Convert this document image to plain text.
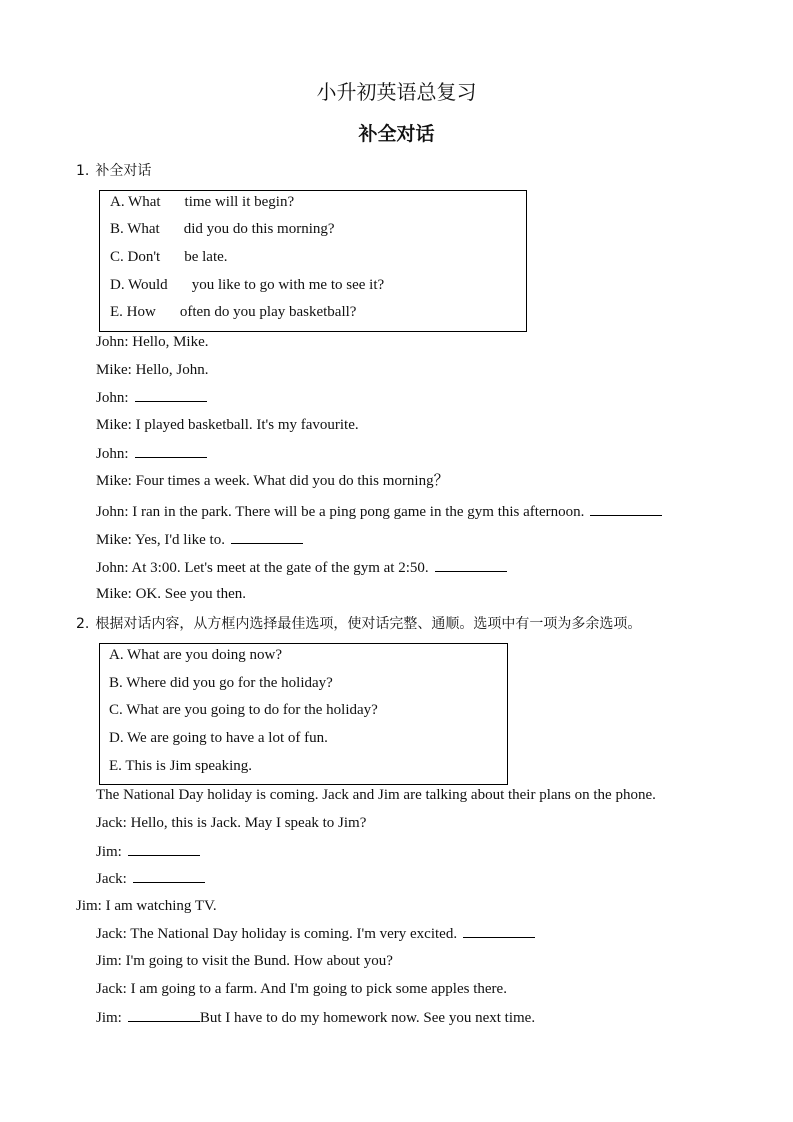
小升初英语总复习
补全对话
1. 补全对话
A. What time will it begin?
B. What did you do this morning?
C. Don't be late.
D. Would you like to go with me to see it?
E. How often do you play basketball?
John: Hello, Mike.
Mike: Hello, John.
John:
Mike: I played basketball. It's my favourite.
John:
Mike: Four times a week. What did you do this morning？
John: I ran in the park. There will be a ping pong game in the gym this afternoon.
Mike: Yes, I'd like to.
John: At 3:00. Let's meet at the gate of the gym at 2:50.
Mike: OK. See you then.
2. 根据对话内容，从方框内选择最佳选项，使对话完整、通顺。选项中有一项为多余选项。
A. What are you doing now?
B. Where did you go for the holiday?
C. What are you going to do for the holiday?
D. We are going to have a lot of fun.
E. This is Jim speaking.
The National Day holiday is coming. Jack and Jim are talking about their plans on the phone.
Jack: Hello, this is Jack. May I speak to Jim?
Jim:
Jack:
Jim: I am watching TV.
Jack: The National Day holiday is coming. I'm very excited.
Jim: I'm going to visit the Bund. How about you?
Jack: I am going to a farm. And I'm going to pick some apples there.
Jim:	But I have to do my homework now. See you next time.
